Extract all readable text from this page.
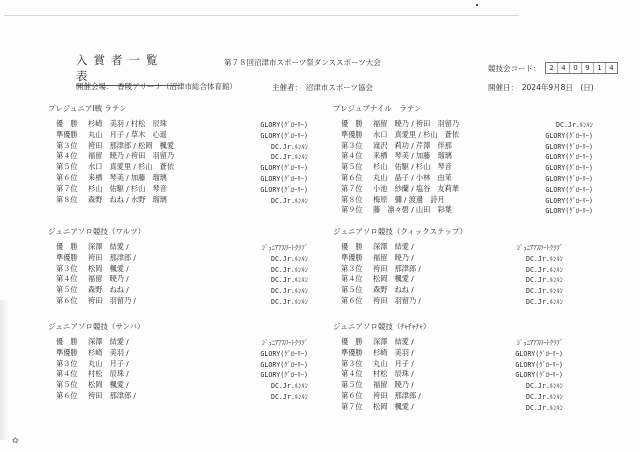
入賞者一覧表
第７８回沼津市スポーツ祭ダンススポーツ大会
競技会コード：	2	4	0	9	1	4
開催会場：　香陵アリーナ（沼津市総合体育館）	主催者：　沼津市スポーツ協会	開催日：　2024年9月8日　(日)
プレジュニアⅠ戦 ラテン
優　勝	杉崎　美羽 / 村松　辰珠	GLORY(ｸﾞﾛｰﾘｰ)
準優勝	丸山　月子 / 草木　心遥	GLORY(ｸﾞﾛｰﾘｰ)
第３位	袴田　那津郎 / 松岡　楓愛	DC.Jr.ﾙﾝﾙﾝ
第４位	福留　暁乃 / 袴田　羽留乃	DC.Jr.ﾙﾝﾙﾝ
第５位	水口　真愛里 / 杉山　蒼依	GLORY(ｸﾞﾛｰﾘｰ)
第６位	来栖　琴美 / 加藤　瑠璃	GLORY(ｸﾞﾛｰﾘｰ)
第７位	杉山　佑駆 / 杉山　琴音	GLORY(ｸﾞﾛｰﾘｰ)
第８位	森野　ねね / 水野　瑠璃	DC.Jr.ﾙﾝﾙﾝ
プレジュブナイル　ラテン
優　勝	福留　暁乃 / 袴田　羽留乃	DC.Jr.ﾙﾝﾙﾝ
準優勝	水口　真愛里 / 杉山　蒼依	GLORY(ｸﾞﾛｰﾘｰ)
第３位	滝沢　莉功 / 芹澤　伴那	GLORY(ｸﾞﾛｰﾘｰ)
第４位	来栖　琴美 / 加藤　瑠璃	GLORY(ｸﾞﾛｰﾘｰ)
第５位	杉山　佑駆 / 杉山　琴音	GLORY(ｸﾞﾛｰﾘｰ)
第６位	丸山　晶子 / 小林　由茉	GLORY(ｸﾞﾛｰﾘｰ)
第７位	小池　紗蘭 / 塩谷　友莉華	GLORY(ｸﾞﾛｰﾘｰ)
第８位	梅原　彌 / 渡邊　詩月	GLORY(ｸﾞﾛｰﾘｰ)
第９位	藤　凛々碧 / 山田　彩葉	GLORY(ｸﾞﾛｰﾘｰ)
ジュニアソロ競技（ワルツ）
優　勝	深澤　結愛 /	ｼﾞｭﾆｱｱｽﾘｰﾄｸﾗﾌﾞ
準優勝	袴田　那津郎 /	DC.Jr.ﾙﾝﾙﾝ
第３位	松岡　楓愛 /	DC.Jr.ﾙﾝﾙﾝ
第４位	福留　暁乃 /	DC.Jr.ﾙﾝﾙﾝ
第５位	森野　ねね /	DC.Jr.ﾙﾝﾙﾝ
第６位	袴田　羽留乃 /	DC.Jr.ﾙﾝﾙﾝ
ジュニアソロ競技（クィックステップ）
優　勝	深澤　結愛 /	ｼﾞｭﾆｱｱｽﾘｰﾄｸﾗﾌﾞ
準優勝	福留　暁乃 /	DC.Jr.ﾙﾝﾙﾝ
第３位	袴田　那津郎 /	DC.Jr.ﾙﾝﾙﾝ
第４位	松岡　楓愛 /	DC.Jr.ﾙﾝﾙﾝ
第５位	森野　ねね /	DC.Jr.ﾙﾝﾙﾝ
第６位	袴田　羽留乃 /	DC.Jr.ﾙﾝﾙﾝ
ジュニアソロ競技（サンバ）
優　勝	深澤　結愛 /	ｼﾞｭﾆｱｱｽﾘｰﾄｸﾗﾌﾞ
準優勝	杉崎　美羽 /	GLORY(ｸﾞﾛｰﾘｰ)
第３位	丸山　月子 /	GLORY(ｸﾞﾛｰﾘｰ)
第４位	村松　辰珠 /	GLORY(ｸﾞﾛｰﾘｰ)
第５位	松岡　楓愛 /	DC.Jr.ﾙﾝﾙﾝ
第６位	袴田　那津郎 /	DC.Jr.ﾙﾝﾙﾝ
ジュニアソロ競技（ﾁｬﾁｬﾁｬ）
優　勝	深澤　結愛 /	ｼﾞｭﾆｱｱｽﾘｰﾄｸﾗﾌﾞ
準優勝	杉崎　美羽 /	GLORY(ｸﾞﾛｰﾘｰ)
第３位	丸山　月子 /	GLORY(ｸﾞﾛｰﾘｰ)
第４位	村松　辰珠 /	GLORY(ｸﾞﾛｰﾘｰ)
第５位	福留　暁乃 /	DC.Jr.ﾙﾝﾙﾝ
第６位	袴田　那津郎 /	DC.Jr.ﾙﾝﾙﾝ
第７位	松岡　楓愛 /	DC.Jr.ﾙﾝﾙﾝ
✿
